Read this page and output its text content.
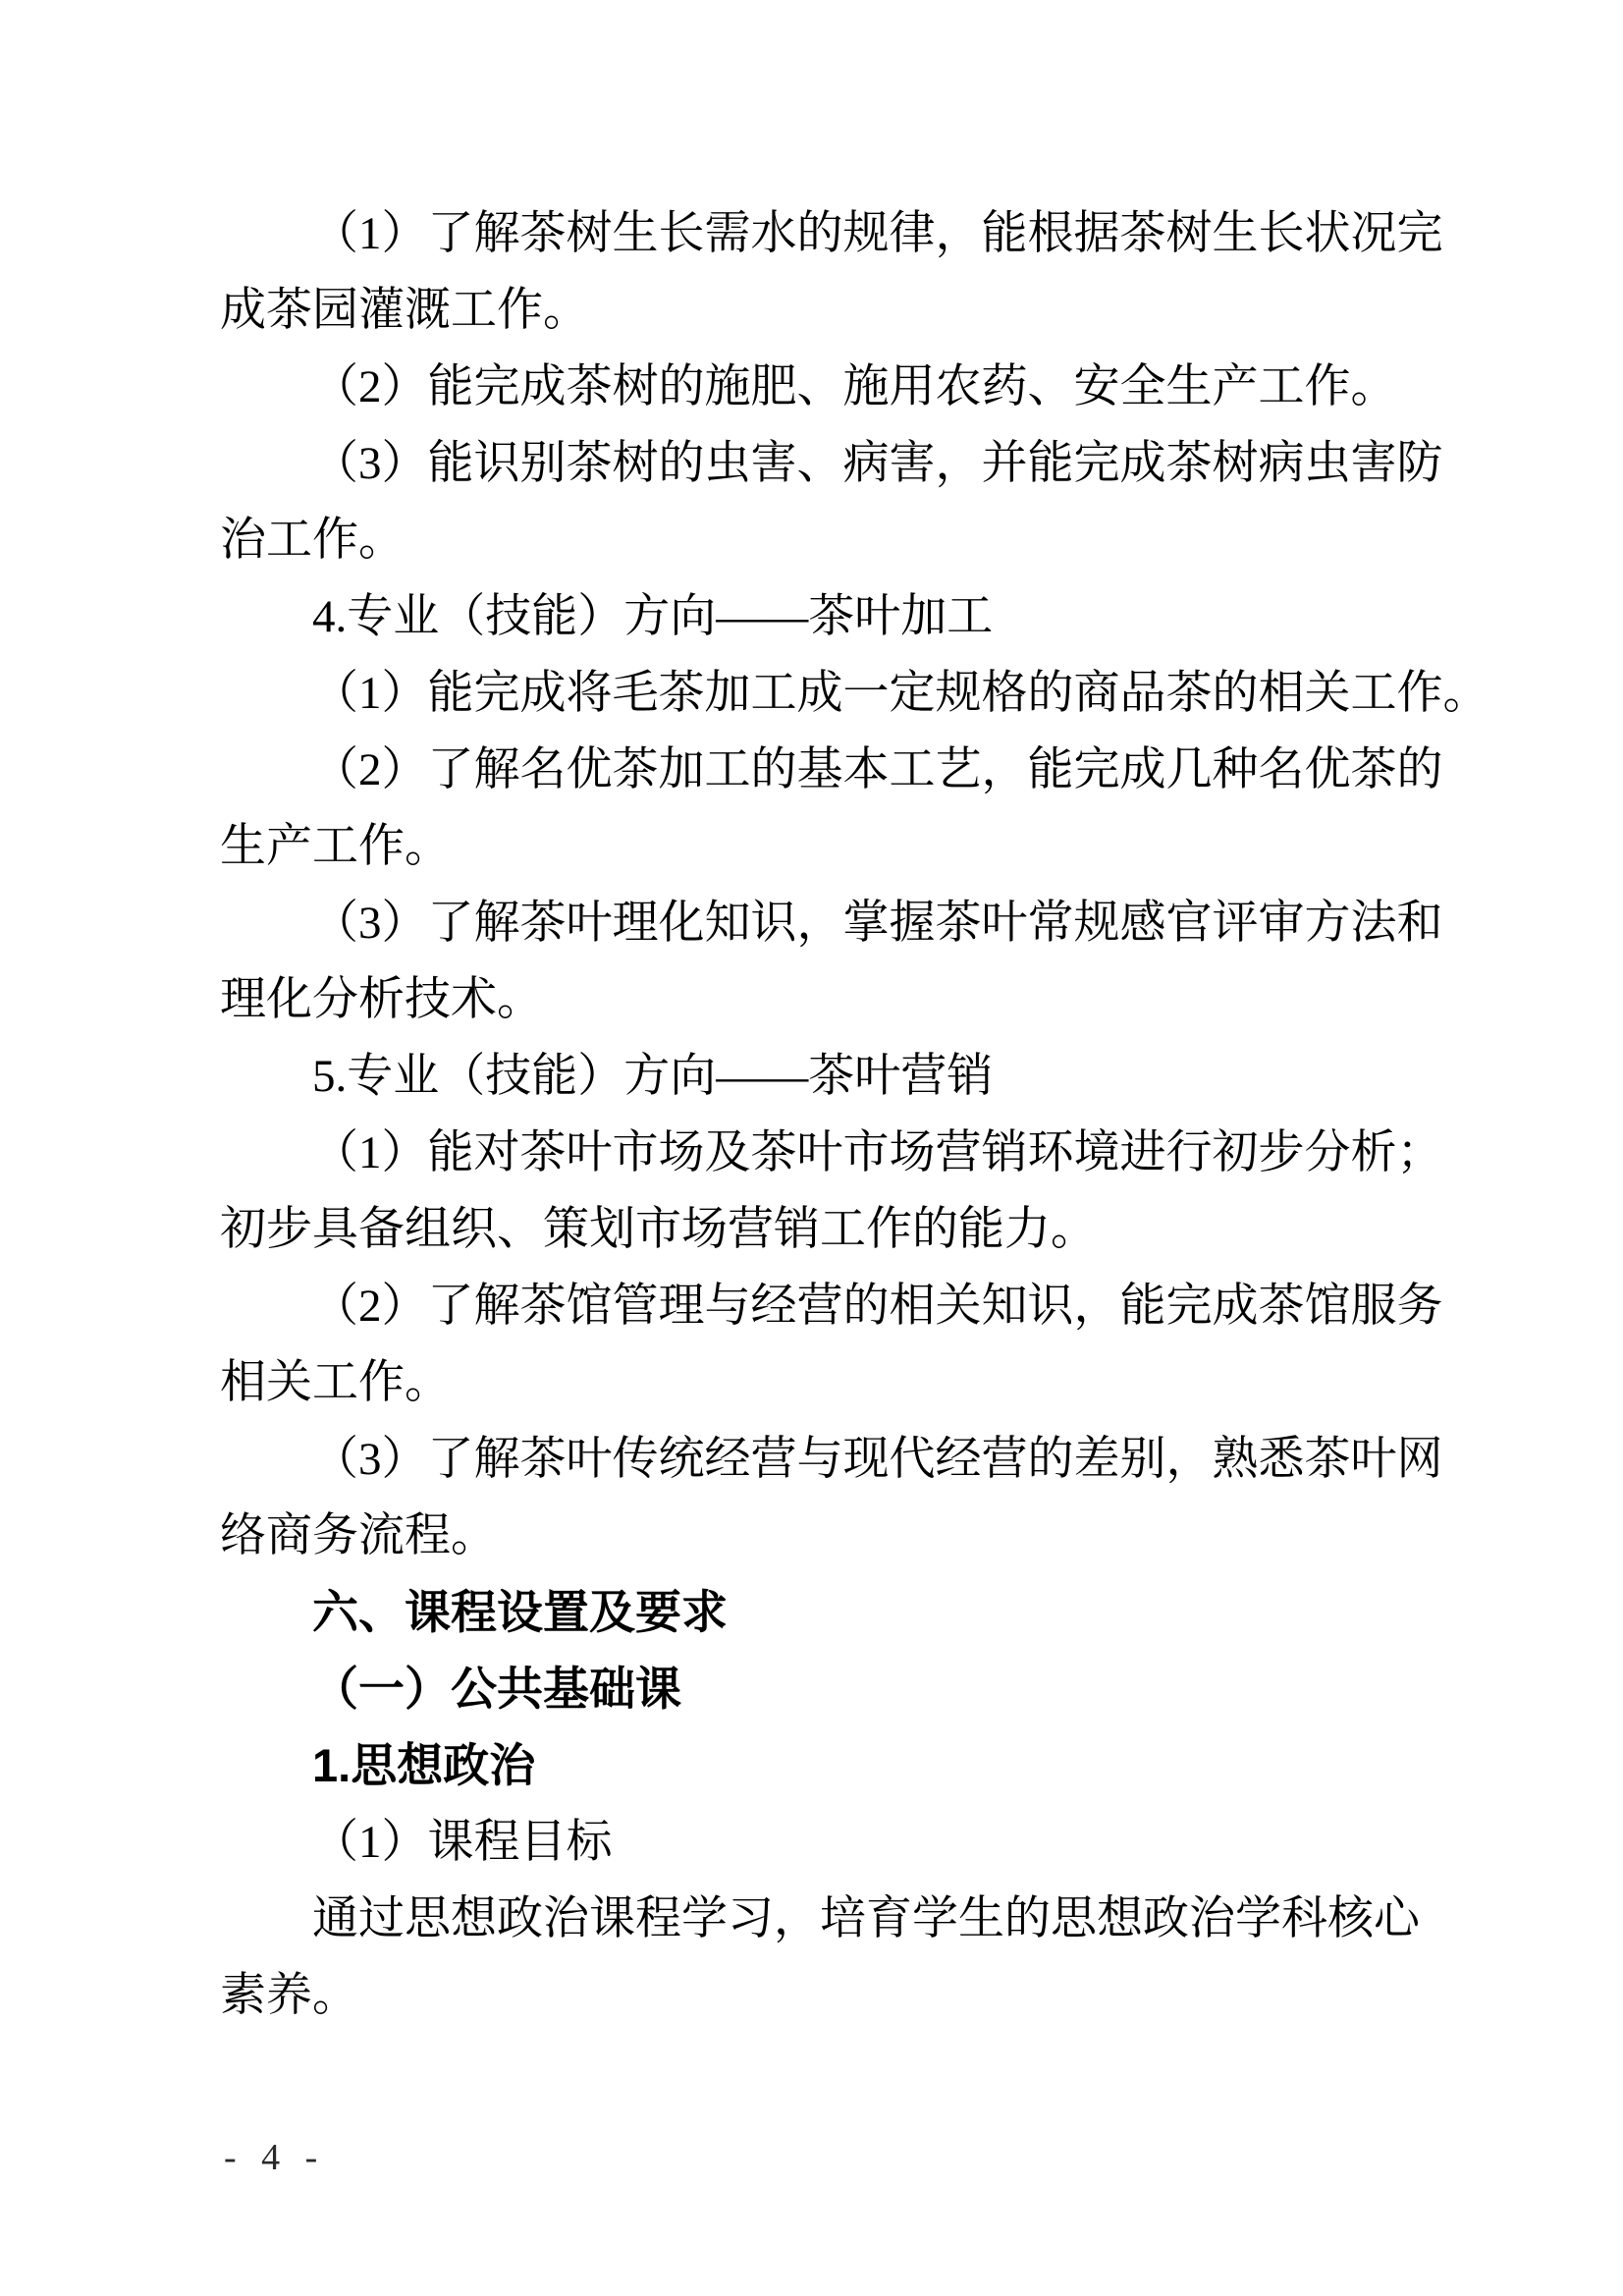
（1）了解茶树生长需水的规律，能根据茶树生长状况完
成茶园灌溉工作。
（2）能完成茶树的施肥、施用农药、安全生产工作。
（3）能识别茶树的虫害、病害，并能完成茶树病虫害防
治工作。
4.专业（技能）方向——茶叶加工
（1）能完成将毛茶加工成一定规格的商品茶的相关工作。
（2）了解名优茶加工的基本工艺，能完成几种名优茶的
生产工作。
（3）了解茶叶理化知识，掌握茶叶常规感官评审方法和
理化分析技术。
5.专业（技能）方向——茶叶营销
（1）能对茶叶市场及茶叶市场营销环境进行初步分析；
初步具备组织、策划市场营销工作的能力。
（2）了解茶馆管理与经营的相关知识，能完成茶馆服务
相关工作。
（3）了解茶叶传统经营与现代经营的差别，熟悉茶叶网
络商务流程。
六、课程设置及要求
（一）公共基础课
1.思想政治
（1）课程目标
通过思想政治课程学习，培育学生的思想政治学科核心
素养。
- 4 -
